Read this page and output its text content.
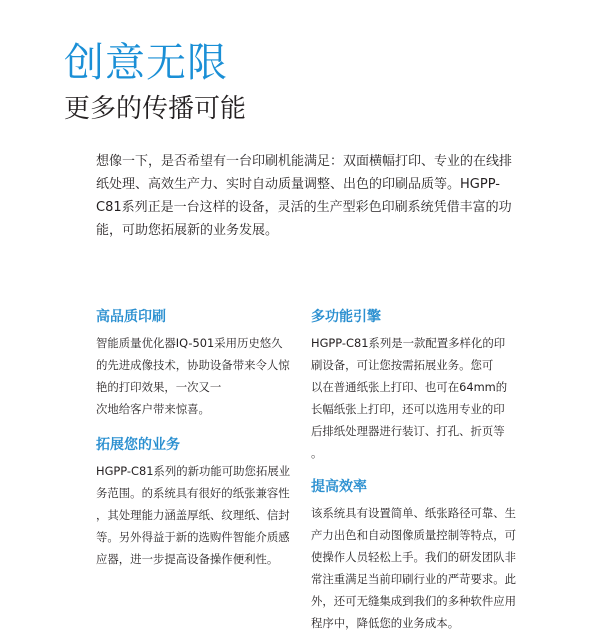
创意无限
更多的传播可能

想像一下，是否希望有一台印刷机能满足：双面横幅打印、专业的在线排
纸处理、高效生产力、实时自动质量调整、出色的印刷品质等。HGPP-
C81系列正是一台这样的设备，灵活的生产型彩色印刷系统凭借丰富的功
能，可助您拓展新的业务发展。

高品质印刷

智能质量优化器IQ-501采用历史悠久
的先进成像技术，协助设备带来令人惊
艳的打印效果，一次又一
次地给客户带来惊喜。

拓展您的业务

HGPP-C81系列的新功能可助您拓展业
务范围。的系统具有很好的纸张兼容性
，其处理能力涵盖厚纸、纹理纸、信封
等。另外得益于新的选购件智能介质感
应器，进一步提高设备操作便利性。

多功能引擎

HGPP-C81系列是一款配置多样化的印
刷设备，可让您按需拓展业务。您可
以在普通纸张上打印、也可在64mm的
长幅纸张上打印，还可以选用专业的印
后排纸处理器进行装订、打孔、折页等
。

提高效率

该系统具有设置简单、纸张路径可靠、生
产力出色和自动图像质量控制等特点，可
使操作人员轻松上手。我们的研发团队非
常注重满足当前印刷行业的严苛要求。此
外，还可无缝集成到我们的多种软件应用
程序中，降低您的业务成本。
